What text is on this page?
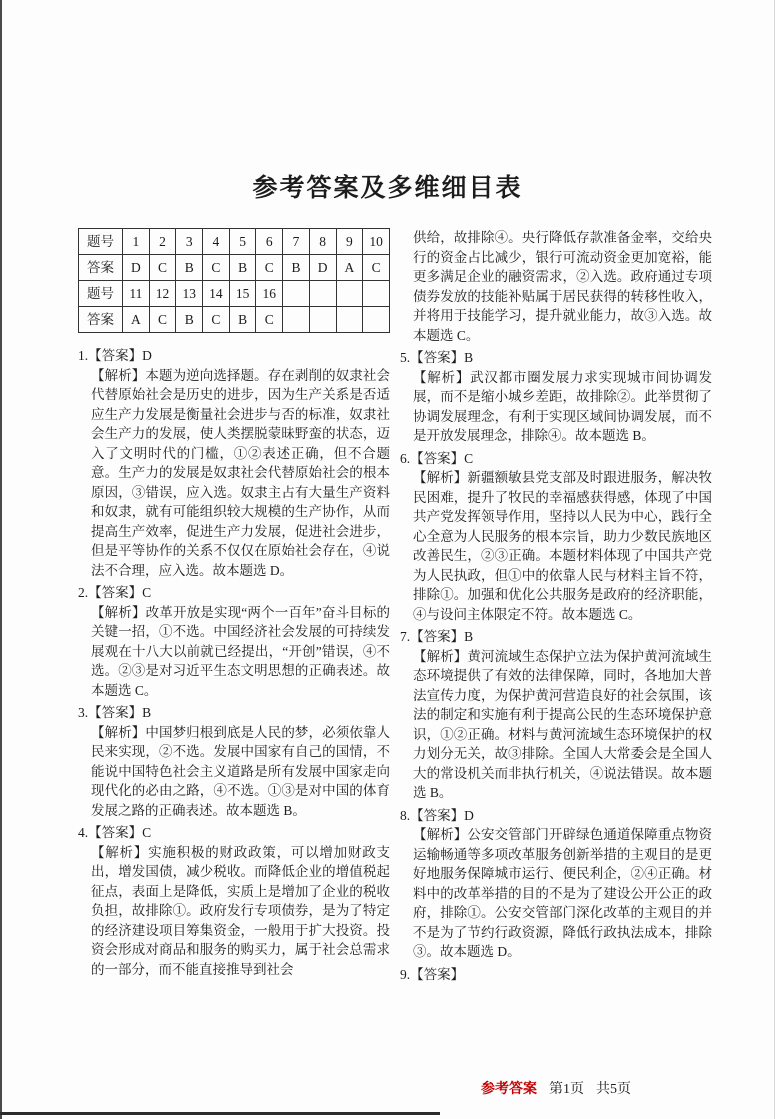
参考答案及多维细目表
题号	1	2	3	4	5	6	7	8	9	10
答案	D	C	B	C	B	C	B	D	A	C
题号	11	12	13	14	15	16				
答案	A	C	B	C	B	C				

1.【答案】D

【解析】本题为逆向选择题。存在剥削的奴隶社会代替原始社会是历史的进步，因为生产关系是否适应生产力发展是衡量社会进步与否的标准，奴隶社会生产力的发展，使人类摆脱蒙昧野蛮的状态，迈入了文明时代的门槛，①②表述正确，但不合题意。生产力的发展是奴隶社会代替原始社会的根本原因，③错误，应入选。奴隶主占有大量生产资料和奴隶，就有可能组织较大规模的生产协作，从而提高生产效率，促进生产力发展，促进社会进步，但是平等协作的关系不仅仅在原始社会存在，④说法不合理，应入选。故本题选 D。

2.【答案】C

【解析】改革开放是实现“两个一百年”奋斗目标的关键一招，①不选。中国经济社会发展的可持续发展观在十八大以前就已经提出，“开创”错误，④不选。②③是对习近平生态文明思想的正确表述。故本题选 C。

3.【答案】B

【解析】中国梦归根到底是人民的梦，必须依靠人民来实现，②不选。发展中国家有自己的国情，不能说中国特色社会主义道路是所有发展中国家走向现代化的必由之路，④不选。①③是对中国的体育发展之路的正确表述。故本题选 B。

4.【答案】C

【解析】实施积极的财政政策，可以增加财政支出，增发国债，减少税收。而降低企业的增值税起征点，表面上是降低，实质上是增加了企业的税收负担，故排除①。政府发行专项债券，是为了特定的经济建设项目筹集资金，一般用于扩大投资。投资会形成对商品和服务的购买力，属于社会总需求的一部分，而不能直接推导到社会

供给，故排除④。央行降低存款准备金率，交给央行的资金占比减少，银行可流动资金更加宽裕，能更多满足企业的融资需求，②入选。政府通过专项债券发放的技能补贴属于居民获得的转移性收入，并将用于技能学习，提升就业能力，故③入选。故本题选 C。

5.【答案】B

【解析】武汉都市圈发展力求实现城市间协调发展，而不是缩小城乡差距，故排除②。此举贯彻了协调发展理念，有利于实现区域间协调发展，而不是开放发展理念，排除④。故本题选 B。

6.【答案】C

【解析】新疆额敏县党支部及时跟进服务，解决牧民困难，提升了牧民的幸福感获得感，体现了中国共产党发挥领导作用，坚持以人民为中心，践行全心全意为人民服务的根本宗旨，助力少数民族地区改善民生，②③正确。本题材料体现了中国共产党为人民执政，但①中的依靠人民与材料主旨不符，排除①。加强和优化公共服务是政府的经济职能，④与设问主体限定不符。故本题选 C。

7.【答案】B

【解析】黄河流域生态保护立法为保护黄河流域生态环境提供了有效的法律保障，同时，各地加大普法宣传力度，为保护黄河营造良好的社会氛围，该法的制定和实施有利于提高公民的生态环境保护意识，①②正确。材料与黄河流域生态环境保护的权力划分无关，故③排除。全国人大常委会是全国人大的常设机关而非执行机关，④说法错误。故本题选 B。

8.【答案】D

【解析】公安交管部门开辟绿色通道保障重点物资运输畅通等多项改革服务创新举措的主观目的是更好地服务保障城市运行、便民利企，②④正确。材料中的改革举措的目的不是为了建设公开公正的政府，排除①。公安交管部门深化改革的主观目的并不是为了节约行政资源，降低行政执法成本，排除③。故本题选 D。

9.【答案】

参考答案 第1页 共5页
